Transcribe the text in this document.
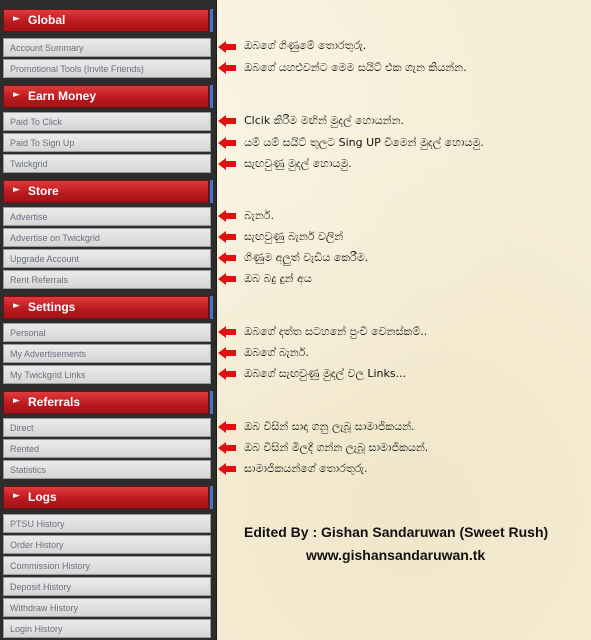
► Global
Account Summary
Promotional Tools (Invite Friends)
► Earn Money
Paid To Click
Paid To Sign Up
Twickgrid
► Store
Advertise
Advertise on Twickgrid
Upgrade Account
Rent Referrals
► Settings
Personal
My Advertisements
My Twickgrid Links
► Referrals
Direct
Rented
Statistics
► Logs
PTSU History
Order History
Commission History
Deposit History
Withdraw History
Login History
ඔබගේ ගිණුමේ තොරතුරු.
ඔබගේ යහළුවන්ට මෙම සයිට් එක ගැන කියන්න.
Clcik කිරීම මඟින් මුදල් හොයන්න.
යම් යම් සයිට් තුලට Sing UP වීමෙන් මුදල් හොයමු.
සැඟවුණු මුදල් හොයමු.
බැනර්.
සැඟවුණු බැනර් වලින්
ගිණුම අලුත් වැඩිය කෙරීම.
ඔබ බදු දුන් අය
ඔබගේ දත්ත සටහනේ පුංචි වෙනස්කම්..
ඔබගේ බැනර්.
ඔබගේ සැඟවුණු මුදල් වල Links...
ඔබ විසින් සාදා ගනු ලැබූ සාමාජිකයන්.
ඔබ විසින් මිලදී ගන්න ලැබූ සාමාජිකයන්.
සාමාජිකයන්ගේ තොරතුරු.
Edited By : Gishan Sandaruwan (Sweet Rush)
www.gishansandaruwan.tk
